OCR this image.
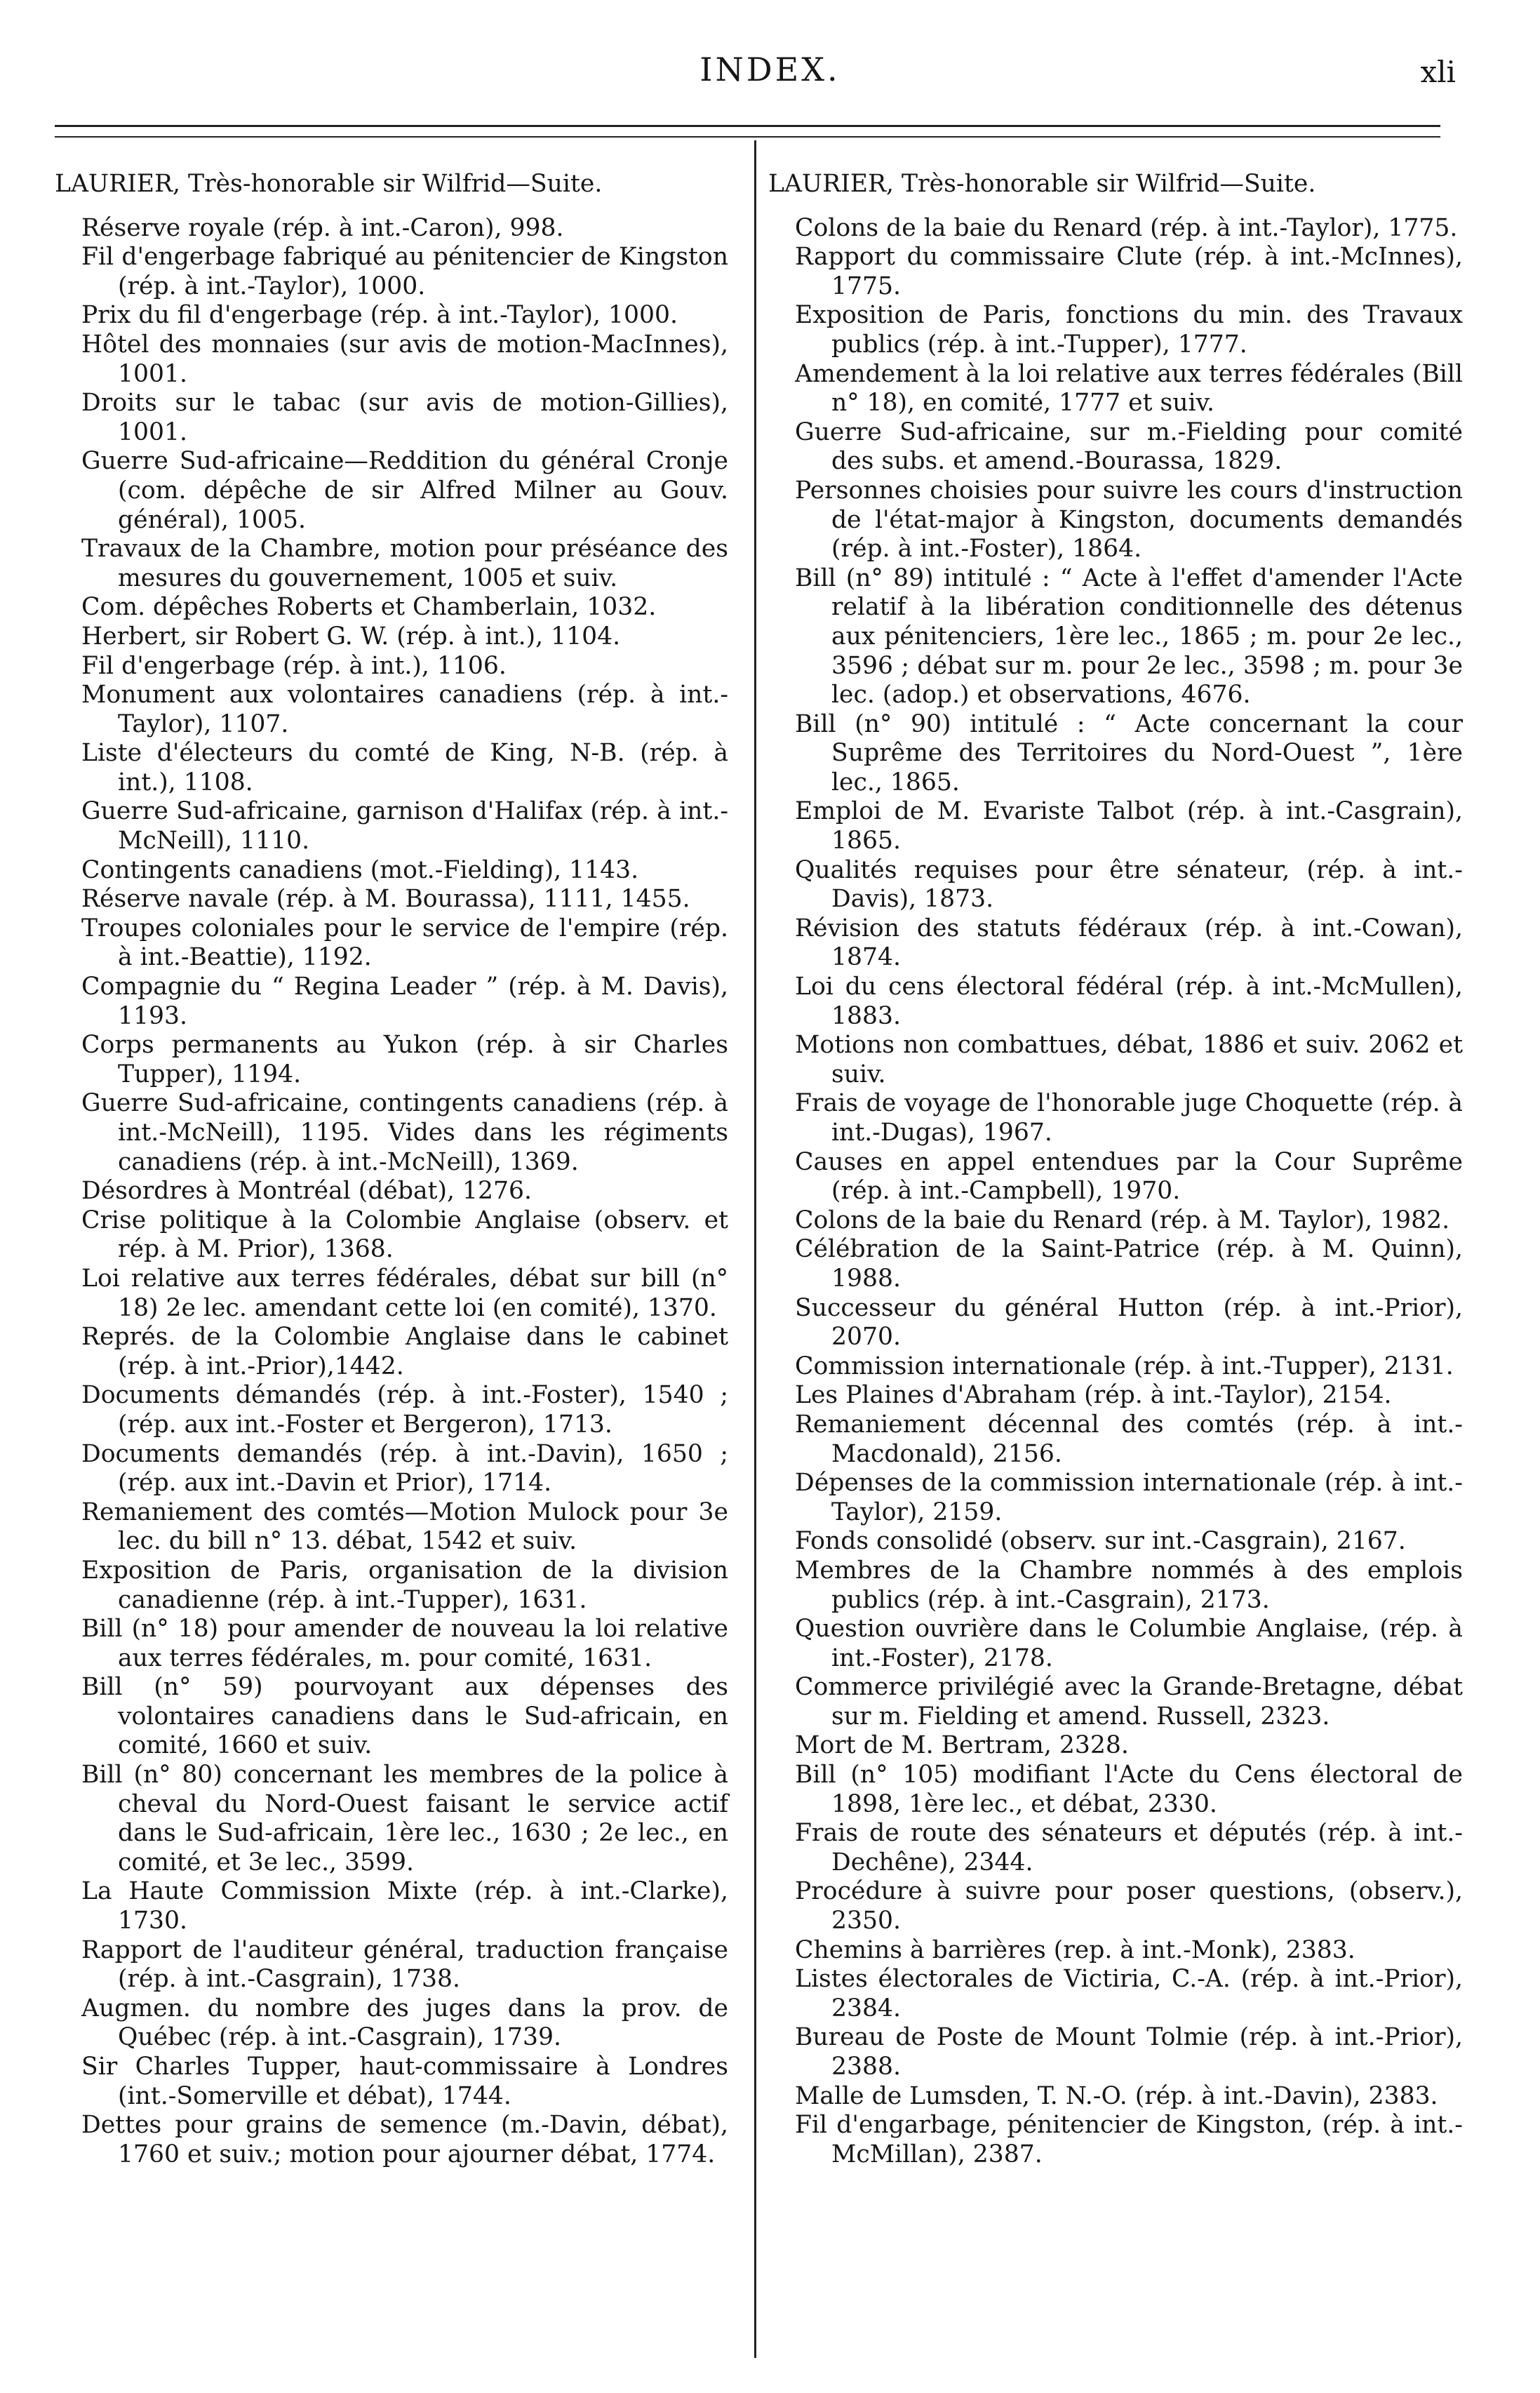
INDEX.	xli
LAURIER, Très-honorable sir Wilfrid—Suite.
Réserve royale (rép. à int.-Caron), 998.
Fil d'engerbage fabriqué au pénitencier de Kingston (rép. à int.-Taylor), 1000.
Prix du fil d'engerbage (rép. à int.-Taylor), 1000.
Hôtel des monnaies (sur avis de motion-MacInnes), 1001.
Droits sur le tabac (sur avis de motion-Gillies), 1001.
Guerre Sud-africaine—Reddition du général Cronje (com. dépêche de sir Alfred Milner au Gouv. général), 1005.
Travaux de la Chambre, motion pour préséance des mesures du gouvernement, 1005 et suiv.
Com. dépêches Roberts et Chamberlain, 1032.
Herbert, sir Robert G. W. (rép. à int.), 1104.
Fil d'engerbage (rép. à int.), 1106.
Monument aux volontaires canadiens (rép. à int.-Taylor), 1107.
Liste d'électeurs du comté de King, N-B. (rép. à int.), 1108.
Guerre Sud-africaine, garnison d'Halifax (rép. à int.-McNeill), 1110.
Contingents canadiens (mot.-Fielding), 1143.
Réserve navale (rép. à M. Bourassa), 1111, 1455.
Troupes coloniales pour le service de l'empire (rép. à int.-Beattie), 1192.
Compagnie du “ Regina Leader ” (rép. à M. Davis), 1193.
Corps permanents au Yukon (rép. à sir Charles Tupper), 1194.
Guerre Sud-africaine, contingents canadiens (rép. à int.-McNeill), 1195. Vides dans les régiments canadiens (rép. à int.-McNeill), 1369.
Désordres à Montréal (débat), 1276.
Crise politique à la Colombie Anglaise (observ. et rép. à M. Prior), 1368.
Loi relative aux terres fédérales, débat sur bill (n° 18) 2e lec. amendant cette loi (en comité), 1370.
Représ. de la Colombie Anglaise dans le cabinet (rép. à int.-Prior),1442.
Documents démandés (rép. à int.-Foster), 1540 ; (rép. aux int.-Foster et Bergeron), 1713.
Documents demandés (rép. à int.-Davin), 1650 ; (rép. aux int.-Davin et Prior), 1714.
Remaniement des comtés—Motion Mulock pour 3e lec. du bill n° 13. débat, 1542 et suiv.
Exposition de Paris, organisation de la division canadienne (rép. à int.-Tupper), 1631.
Bill (n° 18) pour amender de nouveau la loi relative aux terres fédérales, m. pour comité, 1631.
Bill (n° 59) pourvoyant aux dépenses des volontaires canadiens dans le Sud-africain, en comité, 1660 et suiv.
Bill (n° 80) concernant les membres de la police à cheval du Nord-Ouest faisant le service actif dans le Sud-africain, 1ère lec., 1630 ; 2e lec., en comité, et 3e lec., 3599.
La Haute Commission Mixte (rép. à int.-Clarke), 1730.
Rapport de l'auditeur général, traduction française (rép. à int.-Casgrain), 1738.
Augmen. du nombre des juges dans la prov. de Québec (rép. à int.-Casgrain), 1739.
Sir Charles Tupper, haut-commissaire à Londres (int.-Somerville et débat), 1744.
Dettes pour grains de semence (m.-Davin, débat), 1760 et suiv.; motion pour ajourner débat, 1774.
LAURIER, Très-honorable sir Wilfrid—Suite.
Colons de la baie du Renard (rép. à int.-Taylor), 1775.
Rapport du commissaire Clute (rép. à int.-McInnes), 1775.
Exposition de Paris, fonctions du min. des Travaux publics (rép. à int.-Tupper), 1777.
Amendement à la loi relative aux terres fédérales (Bill n° 18), en comité, 1777 et suiv.
Guerre Sud-africaine, sur m.-Fielding pour comité des subs. et amend.-Bourassa, 1829.
Personnes choisies pour suivre les cours d'instruction de l'état-major à Kingston, documents demandés (rép. à int.-Foster), 1864.
Bill (n° 89) intitulé : “ Acte à l'effet d'amender l'Acte relatif à la libération conditionnelle des détenus aux pénitenciers, 1ère lec., 1865 ; m. pour 2e lec., 3596 ; débat sur m. pour 2e lec., 3598 ; m. pour 3e lec. (adop.) et observations, 4676.
Bill (n° 90) intitulé : “ Acte concernant la cour Suprême des Territoires du Nord-Ouest ”, 1ère lec., 1865.
Emploi de M. Evariste Talbot (rép. à int.-Casgrain), 1865.
Qualités requises pour être sénateur, (rép. à int.-Davis), 1873.
Révision des statuts fédéraux (rép. à int.-Cowan), 1874.
Loi du cens électoral fédéral (rép. à int.-McMullen), 1883.
Motions non combattues, débat, 1886 et suiv. 2062 et suiv.
Frais de voyage de l'honorable juge Choquette (rép. à int.-Dugas), 1967.
Causes en appel entendues par la Cour Suprême (rép. à int.-Campbell), 1970.
Colons de la baie du Renard (rép. à M. Taylor), 1982.
Célébration de la Saint-Patrice (rép. à M. Quinn), 1988.
Successeur du général Hutton (rép. à int.-Prior), 2070.
Commission internationale (rép. à int.-Tupper), 2131.
Les Plaines d'Abraham (rép. à int.-Taylor), 2154.
Remaniement décennal des comtés (rép. à int.-Macdonald), 2156.
Dépenses de la commission internationale (rép. à int.-Taylor), 2159.
Fonds consolidé (observ. sur int.-Casgrain), 2167.
Membres de la Chambre nommés à des emplois publics (rép. à int.-Casgrain), 2173.
Question ouvrière dans le Columbie Anglaise, (rép. à int.-Foster), 2178.
Commerce privilégié avec la Grande-Bretagne, débat sur m. Fielding et amend. Russell, 2323.
Mort de M. Bertram, 2328.
Bill (n° 105) modifiant l'Acte du Cens électoral de 1898, 1ère lec., et débat, 2330.
Frais de route des sénateurs et députés (rép. à int.-Dechêne), 2344.
Procédure à suivre pour poser questions, (observ.), 2350.
Chemins à barrières (rep. à int.-Monk), 2383.
Listes électorales de Victiria, C.-A. (rép. à int.-Prior), 2384.
Bureau de Poste de Mount Tolmie (rép. à int.-Prior), 2388.
Malle de Lumsden, T. N.-O. (rép. à int.-Davin), 2383.
Fil d'engarbage, pénitencier de Kingston, (rép. à int.-McMillan), 2387.
